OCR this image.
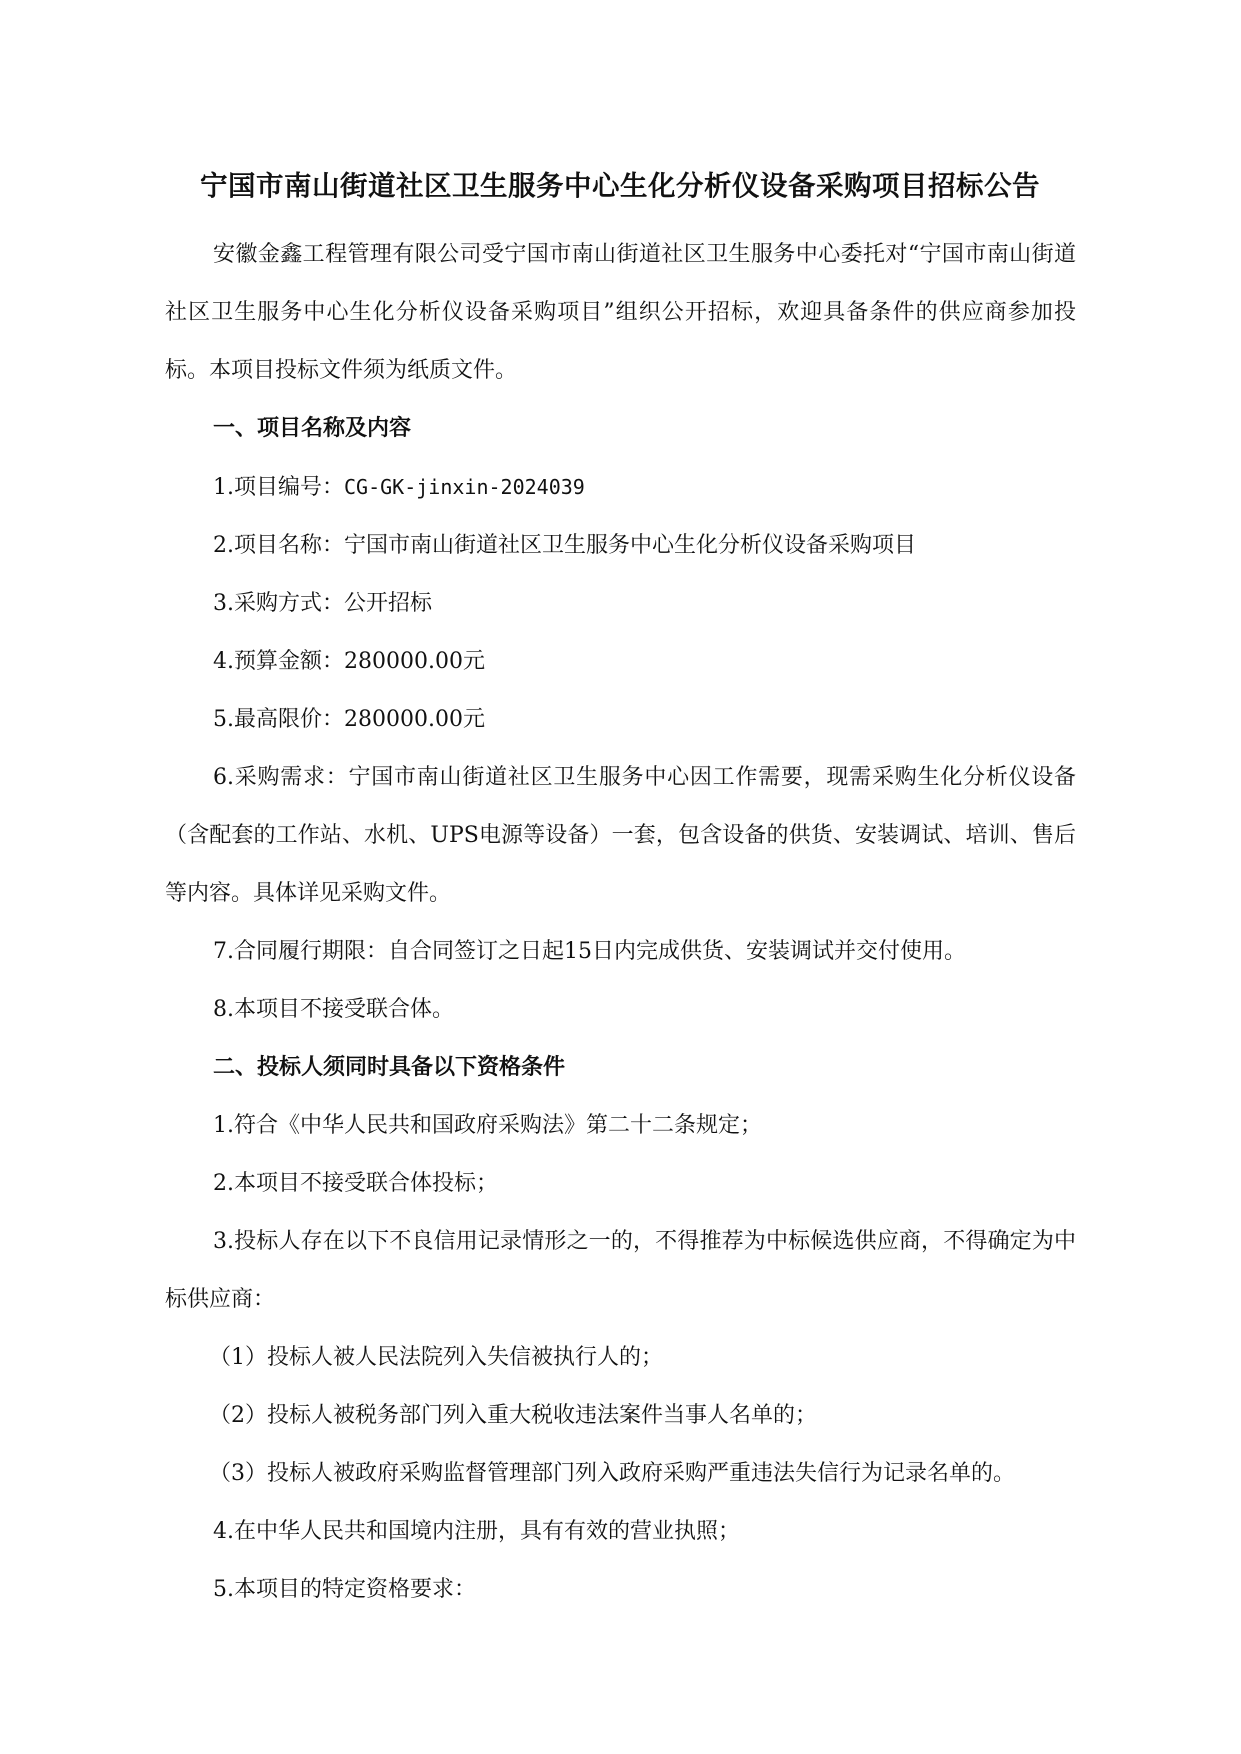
宁国市南山街道社区卫生服务中心生化分析仪设备采购项目招标公告

安徽金鑫工程管理有限公司受宁国市南山街道社区卫生服务中心委托对“宁国市南山街道社区卫生服务中心生化分析仪设备采购项目”组织公开招标，欢迎具备条件的供应商参加投标。本项目投标文件须为纸质文件。

一、项目名称及内容

1.项目编号：CG-GK-jinxin-2024039

2.项目名称：宁国市南山街道社区卫生服务中心生化分析仪设备采购项目

3.采购方式：公开招标

4.预算金额：280000.00元

5.最高限价：280000.00元

6.采购需求：宁国市南山街道社区卫生服务中心因工作需要，现需采购生化分析仪设备（含配套的工作站、水机、UPS电源等设备）一套，包含设备的供货、安装调试、培训、售后等内容。具体详见采购文件。

7.合同履行期限：自合同签订之日起15日内完成供货、安装调试并交付使用。

8.本项目不接受联合体。

二、投标人须同时具备以下资格条件

1.符合《中华人民共和国政府采购法》第二十二条规定；

2.本项目不接受联合体投标；

3.投标人存在以下不良信用记录情形之一的，不得推荐为中标候选供应商，不得确定为中标供应商：

（1）投标人被人民法院列入失信被执行人的；

（2）投标人被税务部门列入重大税收违法案件当事人名单的；

（3）投标人被政府采购监督管理部门列入政府采购严重违法失信行为记录名单的。

4.在中华人民共和国境内注册，具有有效的营业执照；

5.本项目的特定资格要求：
